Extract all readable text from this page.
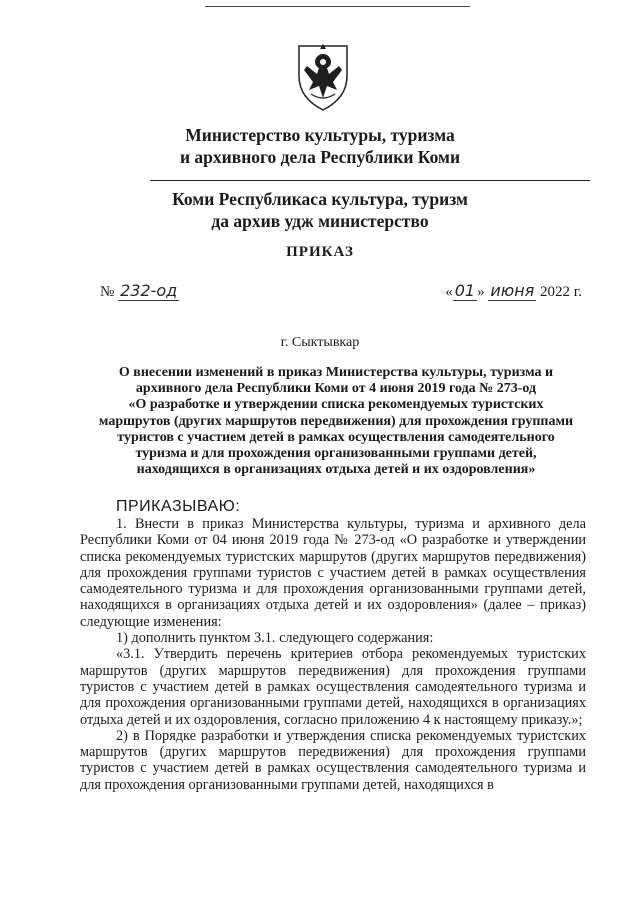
Министерство культуры, туризма
и архивного дела Республики Коми
Коми Республикаса культура, туризм
да архив удж министерство
ПРИКАЗ
№ 232-од	« 01 » июня 2022 г.
г. Сыктывкар
О внесении изменений в приказ Министерства культуры, туризма и
архивного дела Республики Коми от 4 июня 2019 года № 273-од
«О разработке и утверждении списка рекомендуемых туристских
маршрутов (других маршрутов передвижения) для прохождения группами
туристов с участием детей в рамках осуществления самодеятельного
туризма и для прохождения организованными группами детей,
находящихся в организациях отдыха детей и их оздоровления»
ПРИКАЗЫВАЮ:

1. Внести в приказ Министерства культуры, туризма и архивного дела Республики Коми от 04 июня 2019 года № 273-од «О разработке и утверждении списка рекомендуемых туристских маршрутов (других маршрутов передвижения) для прохождения группами туристов с участием детей в рамках осуществления самодеятельного туризма и для прохождения организованными группами детей, находящихся в организациях отдыха детей и их оздоровления» (далее – приказ) следующие изменения:

1) дополнить пунктом 3.1. следующего содержания:

«3.1. Утвердить перечень критериев отбора рекомендуемых туристских маршрутов (других маршрутов передвижения) для прохождения группами туристов с участием детей в рамках осуществления самодеятельного туризма и для прохождения организованными группами детей, находящихся в организациях отдыха детей и их оздоровления, согласно приложению 4 к настоящему приказу.»;

2) в Порядке разработки и утверждения списка рекомендуемых туристских маршрутов (других маршрутов передвижения) для прохождения группами туристов с участием детей в рамках осуществления самодеятельного туризма и для прохождения организованными группами детей, находящихся в
